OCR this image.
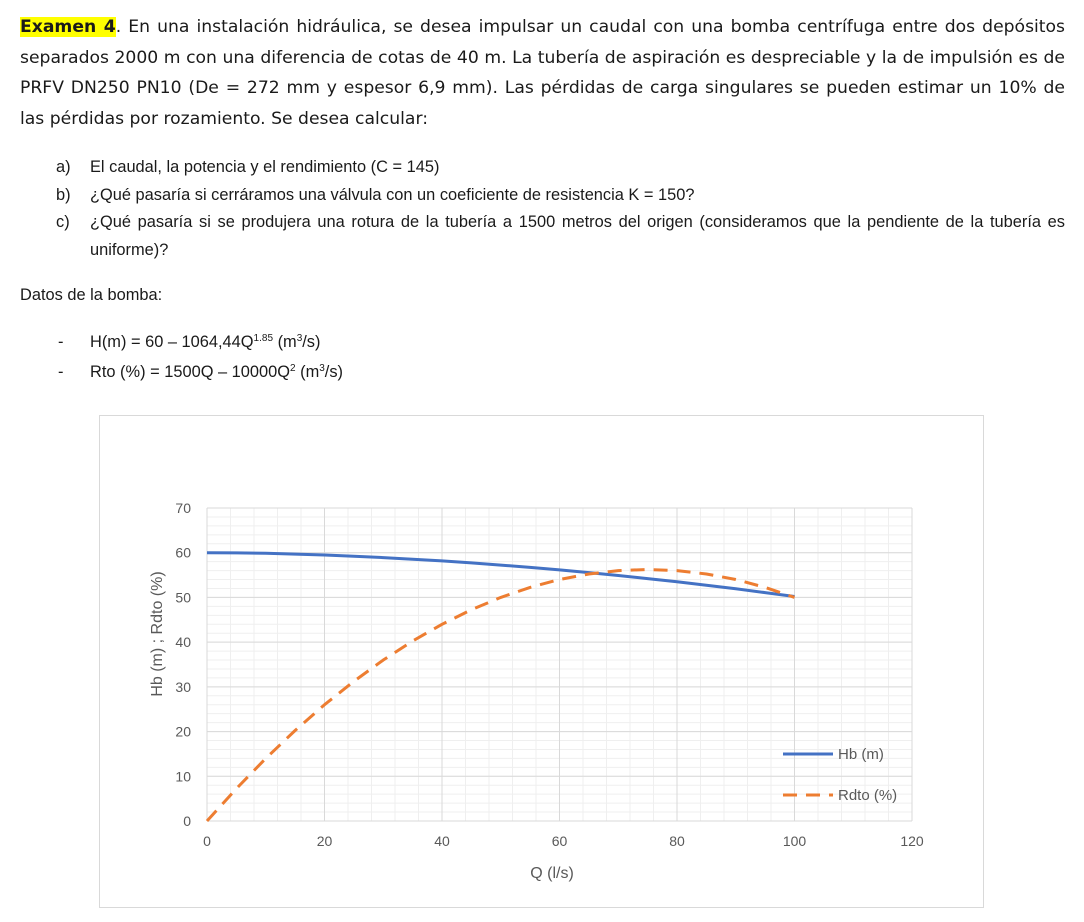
Examen 4. En una instalación hidráulica, se desea impulsar un caudal con una bomba centrífuga entre dos depósitos separados 2000 m con una diferencia de cotas de 40 m. La tubería de aspiración es despreciable y la de impulsión es de PRFV DN250 PN10 (De = 272 mm y espesor 6,9 mm). Las pérdidas de carga singulares se pueden estimar un 10% de las pérdidas por rozamiento. Se desea calcular:

a) El caudal, la potencia y el rendimiento (C = 145)
b) ¿Qué pasaría si cerráramos una válvula con un coeficiente de resistencia K = 150?
c) ¿Qué pasaría si se produjera una rotura de la tubería a 1500 metros del origen (consideramos que la pendiente de la tubería es uniforme)?

Datos de la bomba:

- $H(m) = 60 - 1064,44Q^{1.85}$ $(m^3/s)$
- Rto (%) = $1500Q - 10000Q^2$ $(m^3/s)$
0
10
20
30
40
50
60
70
0	20	40	60	80	100	120
Hb (m) ; Rdto (%)
Q (l/s)
Hb (m)
Rdto (%)
